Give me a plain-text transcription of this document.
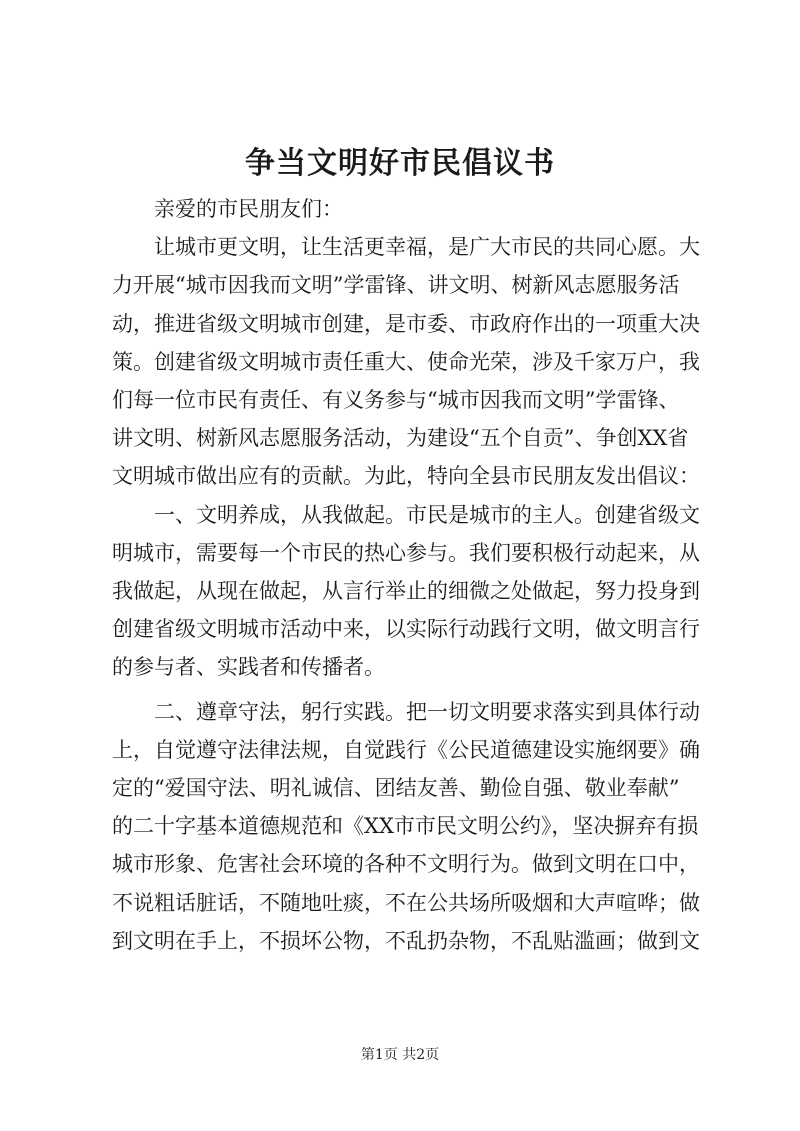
争当文明好市民倡议书

亲爱的市民朋友们：

让城市更文明，让生活更幸福，是广大市民的共同心愿。大
力开展“城市因我而文明”学雷锋、讲文明、树新风志愿服务活
动，推进省级文明城市创建，是市委、市政府作出的一项重大决
策。创建省级文明城市责任重大、使命光荣，涉及千家万户，我
们每一位市民有责任、有义务参与“城市因我而文明”学雷锋、
讲文明、树新风志愿服务活动，为建设“五个自贡”、争创XX省
文明城市做出应有的贡献。为此，特向全县市民朋友发出倡议：

一、文明养成，从我做起。市民是城市的主人。创建省级文
明城市，需要每一个市民的热心参与。我们要积极行动起来，从
我做起，从现在做起，从言行举止的细微之处做起，努力投身到
创建省级文明城市活动中来，以实际行动践行文明，做文明言行
的参与者、实践者和传播者。

二、遵章守法，躬行实践。把一切文明要求落实到具体行动
上，自觉遵守法律法规，自觉践行《公民道德建设实施纲要》确
定的“爱国守法、明礼诚信、团结友善、勤俭自强、敬业奉献”
的二十字基本道德规范和《XX市市民文明公约》，坚决摒弃有损
城市形象、危害社会环境的各种不文明行为。做到文明在口中，
不说粗话脏话，不随地吐痰，不在公共场所吸烟和大声喧哗；做
到文明在手上，不损坏公物，不乱扔杂物，不乱贴滥画；做到文

第1页 共2页
